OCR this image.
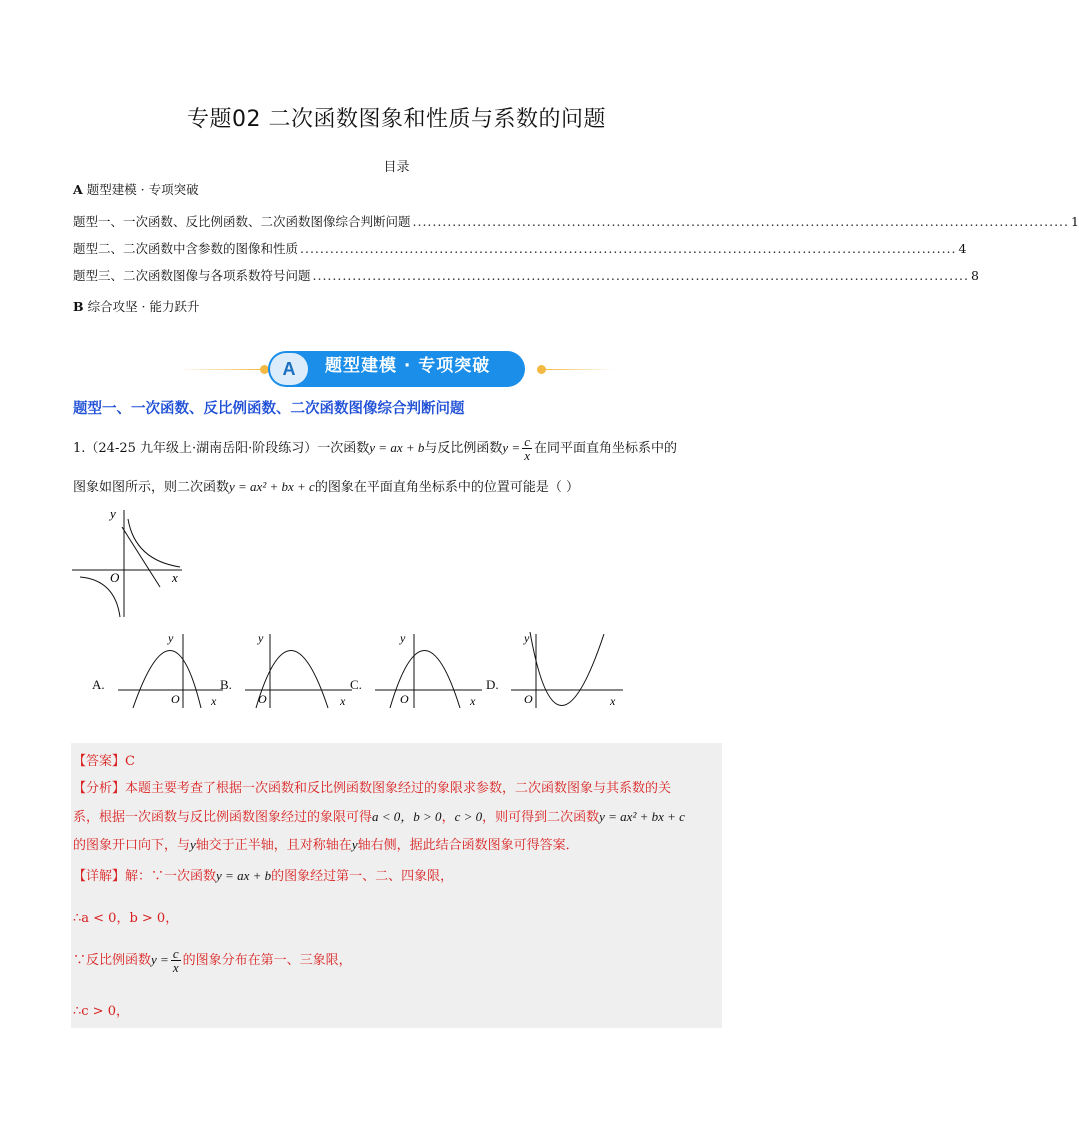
专题02 二次函数图象和性质与系数的问题
目录
A 题型建模 · 专项突破
题型一、一次函数、反比例函数、二次函数图像综合判断问题 .................................................................................................................................... 1
题型二、二次函数中含参数的图像和性质 .................................................................................................................................... 4
题型三、二次函数图像与各项系数符号问题 .................................................................................................................................... 8
B 综合攻坚 · 能力跃升
A	题型建模 · 专项突破
题型一、一次函数、反比例函数、二次函数图像综合判断问题
1.（24-25 九年级上·湖南岳阳·阶段练习）一次函数y = ax + b与反比例函数$y = \frac{c}{x}$ 在同平面直角坐标系中的
图象如图所示，则二次函数y = ax² + bx + c的图象在平面直角坐标系中的位置可能是（ ）
y
O	x
A.
y
O	x
B.
y
O	x
C.
y
O	x
D.
y
O	x
【答案】C
【分析】本题主要考查了根据一次函数和反比例函数图象经过的象限求参数，二次函数图象与其系数的关
系，根据一次函数与反比例函数图象经过的象限可得a < 0，b > 0，c > 0，则可得到二次函数y = ax² + bx + c
的图象开口向下，与y轴交于正半轴，且对称轴在y轴右侧，据此结合函数图象可得答案．
【详解】解：∵一次函数y = ax + b的图象经过第一、二、四象限，
∴a < 0，b > 0，
∵反比例函数$y = \frac{c}{x}$ 的图象分布在第一、三象限，
∴c > 0，
